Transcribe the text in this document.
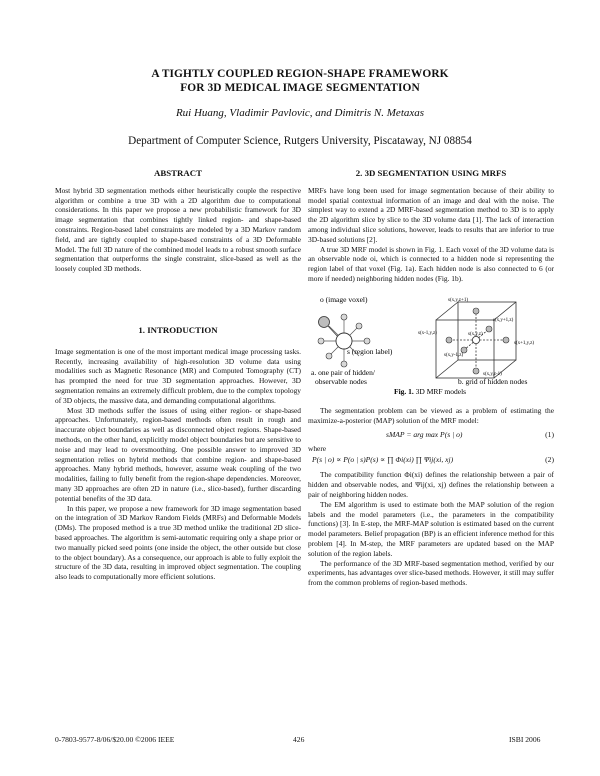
A TIGHTLY COUPLED REGION-SHAPE FRAMEWORK
FOR 3D MEDICAL IMAGE SEGMENTATION
Rui Huang, Vladimir Pavlovic, and Dimitris N. Metaxas
Department of Computer Science, Rutgers University, Piscataway, NJ 08854
ABSTRACT

Most hybrid 3D segmentation methods either heuristically couple the respective algorithm or combine a true 3D with a 2D algorithm due to computational considerations. In this paper we propose a new probabilistic framework for 3D image segmentation that combines tightly linked region- and shape-based constraints. Region-based label constraints are modeled by a 3D Markov random field, and are tightly coupled to shape-based constraints of a 3D Deformable Model. The full 3D nature of the combined model leads to a robust smooth surface segmentation that outperforms the single constraint, slice-based as well as the loosely coupled 3D methods.

1. INTRODUCTION

Image segmentation is one of the most important medical image processing tasks. Recently, increasing availability of high-resolution 3D volume data using modalities such as Magnetic Resonance (MR) and Computed Tomography (CT) has prompted the need for true 3D segmentation approaches. However, 3D segmentation remains an extremely difficult problem, due to the complex topology of 3D objects, the massive data, and demanding computational algorithms.

Most 3D methods suffer the issues of using either region- or shape-based approaches. Unfortunately, region-based methods often result in rough and inaccurate object boundaries as well as disconnected object regions. Shape-based methods, on the other hand, explicitly model object boundaries but are sensitive to noise and may lead to oversmoothing. One possible answer to improved 3D segmentation relies on hybrid methods that combine region- and shape-based approaches. Many hybrid methods, however, assume weak coupling of the two modalities, failing to fully benefit from the region-shape dependencies. Moreover, many 3D approaches are often 2D in nature (i.e., slice-based), further discarding potential benefits of the 3D data.

In this paper, we propose a new framework for 3D image segmentation based on the integration of 3D Markov Random Fields (MRFs) and Deformable Models (DMs). The proposed method is a true 3D method unlike the traditional 2D slice-based approaches. The algorithm is semi-automatic requiring only a shape prior or two manually picked seed points (one inside the object, the other outside but close to the object boundary). As a consequence, our approach is able to fully exploit the structure of the 3D data, resulting in improved object segmentation. The coupling also leads to computationally more efficient solutions.

2. 3D SEGMENTATION USING MRFS

MRFs have long been used for image segmentation because of their ability to model spatial contextual information of an image and deal with the noise. The simplest way to extend a 2D MRF-based segmentation method to 3D is to apply the 2D algorithm slice by slice to the 3D volume data [1]. The lack of interaction among individual slice solutions, however, leads to results that are inferior to true 3D-based solutions [2].

A true 3D MRF model is shown in Fig. 1. Each voxel of the 3D volume data is an observable node oi, which is connected to a hidden node si representing the region label of that voxel (Fig. 1a). Each hidden node is also connected to 6 (or more if needed) neighboring hidden nodes (Fig. 1b).

o (image voxel)
s (region label)
a. one pair of hidden/
observable nodes
s(x,y,z+1)
s(x,y+1,z)
s(x-1,y,z)	s(x,y,z)
s(x+1,y,z)
s(x,y-1,z)
s(x,y,z-1)
b. grid of hidden nodes
Fig. 1. 3D MRF models

The segmentation problem can be viewed as a problem of estimating the maximize-a-posterior (MAP) solution of the MRF model:

sMAP = arg max P(s | o)	(1)

where

P(s | o) ∝ P(o | s)P(s) ∝ ∏ Φi(xi) ∏ Ψij(xi, xj)	(2)

The compatibility function Φi(xi) defines the relationship between a pair of hidden and observable nodes, and Ψij(xi, xj) defines the relationship between a pair of neighboring hidden nodes.

The EM algorithm is used to estimate both the MAP solution of the region labels and the model parameters (i.e., the parameters in the compatibility functions) [3]. In E-step, the MRF-MAP solution is estimated based on the current model parameters. Belief propagation (BP) is an efficient inference method for this problem [4]. In M-step, the MRF parameters are updated based on the MAP solution of the region labels.

The performance of the 3D MRF-based segmentation method, verified by our experiments, has advantages over slice-based methods. However, it still may suffer from the common problems of region-based methods.

0-7803-9577-8/06/$20.00 ©2006 IEEE	426	ISBI 2006
